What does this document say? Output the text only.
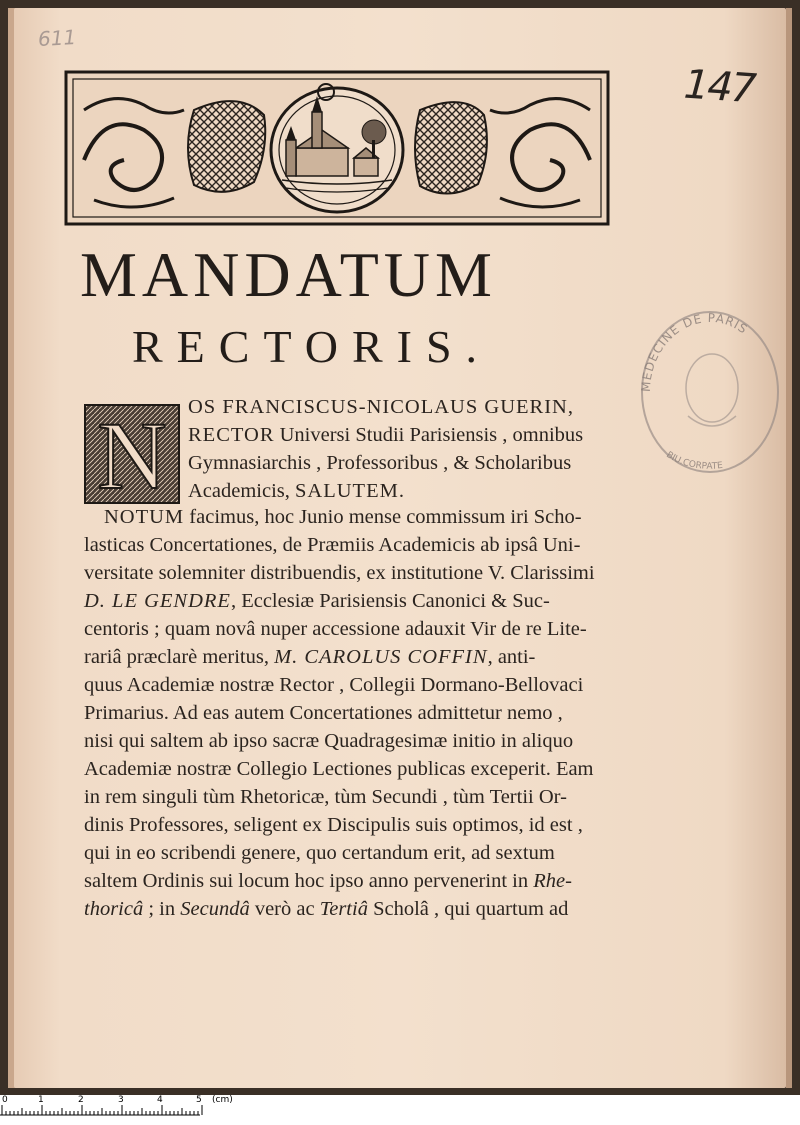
611
147
MANDATUM
RECTORIS.
N
MEDECINE DE PARIS
BIU.CORPATE
OS FRANCISCUS-NICOLAUS GUERIN,
RECTOR Universi Studii Parisiensis , omnibus
Gymnasiarchis , Professoribus , & Scholaribus
Academicis, SALUTEM.
NOTUM facimus, hoc Junio mense commissum iri Scho-
lasticas Concertationes, de Præmiis Academicis ab ipsâ Uni-
versitate solemniter distribuendis, ex institutione V. Clarissimi
D. LE GENDRE, Ecclesiæ Parisiensis Canonici & Suc-
centoris ; quam novâ nuper accessione adauxit Vir de re Lite-
rariâ præclarè meritus, M. CAROLUS COFFIN, anti-
quus Academiæ nostræ Rector , Collegii Dormano-Bellovaci
Primarius. Ad eas autem Concertationes admittetur nemo ,
nisi qui saltem ab ipso sacræ Quadragesimæ initio in aliquo
Academiæ nostræ Collegio Lectiones publicas exceperit. Eam
in rem singuli tùm Rhetoricæ, tùm Secundi , tùm Tertii Or-
dinis Professores, seligent ex Discipulis suis optimos, id est ,
qui in eo scribendi genere, quo certandum erit, ad sextum
saltem Ordinis sui locum hoc ipso anno pervenerint in Rhe-
thoricâ ; in Secundâ verò ac Tertiâ Scholâ , qui quartum ad
0	1	2	3	4	5 (cm)
